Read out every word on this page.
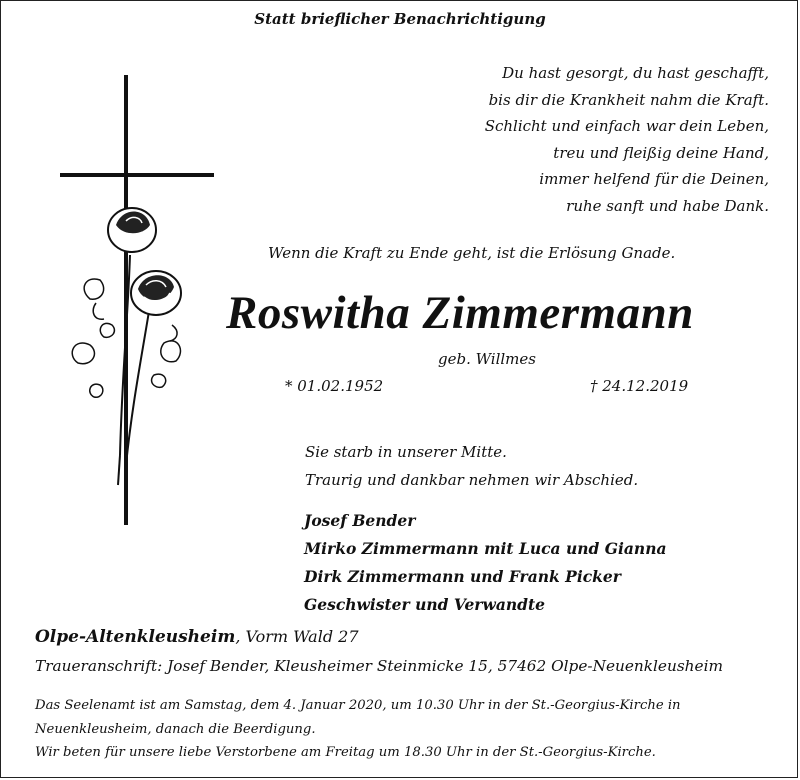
Statt brieflicher Benachrichtigung
Du hast gesorgt, du hast geschafft,
bis dir die Krankheit nahm die Kraft.
Schlicht und einfach war dein Leben,
treu und fleißig deine Hand,
immer helfend für die Deinen,
ruhe sanft und habe Dank.
Wenn die Kraft zu Ende geht, ist die Erlösung Gnade.
Roswitha Zimmermann
geb. Willmes
* 01.02.1952	† 24.12.2019
Sie starb in unserer Mitte.
Traurig und dankbar nehmen wir Abschied.
Josef Bender
Mirko Zimmermann mit Luca und Gianna
Dirk Zimmermann und Frank Picker
Geschwister und Verwandte
Olpe-Altenkleusheim, Vorm Wald 27
Traueranschrift: Josef Bender, Kleusheimer Steinmicke 15, 57462 Olpe-Neuenkleusheim
Das Seelenamt ist am Samstag, dem 4. Januar 2020, um 10.30 Uhr in der St.-Georgius-Kirche in
Neuenkleusheim, danach die Beerdigung.
Wir beten für unsere liebe Verstorbene am Freitag um 18.30 Uhr in der St.-Georgius-Kirche.
